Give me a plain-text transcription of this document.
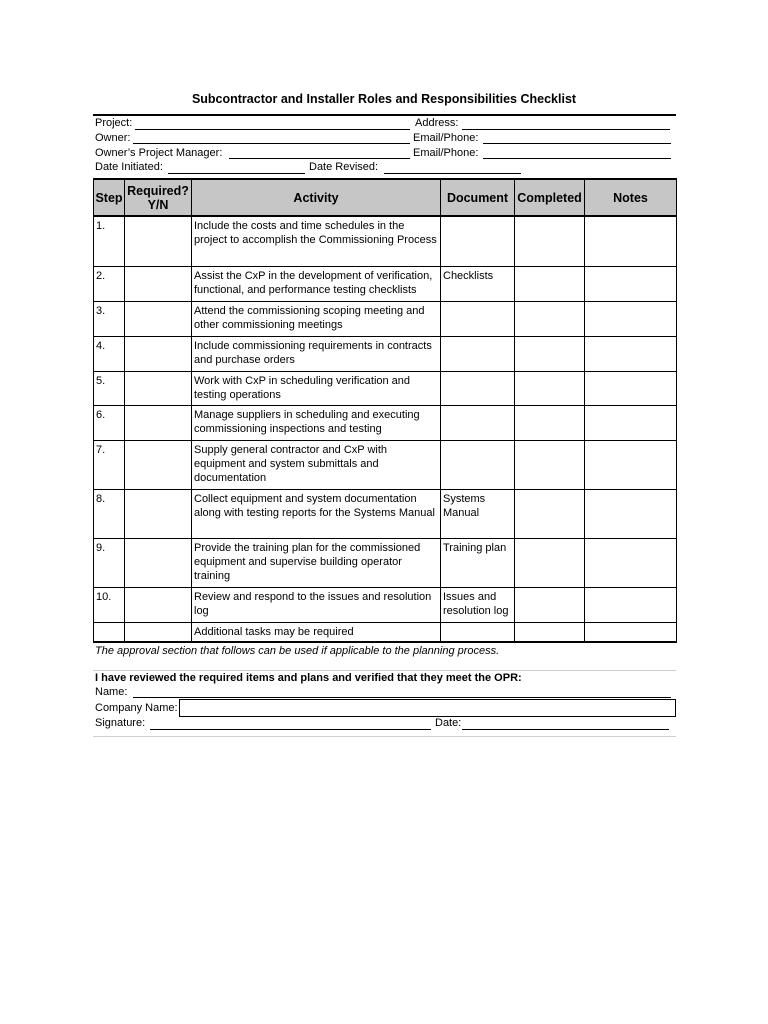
Subcontractor and Installer Roles and Responsibilities Checklist
Project:	Address:
Owner:	Email/Phone:
Owner’s Project Manager:	Email/Phone:
Date Initiated:	Date Revised:
Step	Required? Y/N	Activity	Document	Completed	Notes
1.		Include the costs and time schedules in the project to accomplish the Commissioning Process			
2.		Assist the CxP in the development of verification, functional, and performance testing checklists	Checklists		
3.		Attend the commissioning scoping meeting and other commissioning meetings			
4.		Include commissioning requirements in contracts and purchase orders			
5.		Work with CxP in scheduling verification and testing operations			
6.		Manage suppliers in scheduling and executing commissioning inspections and testing			
7.		Supply general contractor and CxP with equipment and system submittals and documentation			
8.		Collect equipment and system documentation along with testing reports for the Systems Manual	Systems Manual		
9.		Provide the training plan for the commissioned equipment and supervise building operator training	Training plan		
10.		Review and respond to the issues and resolution log	Issues and resolution log		
		Additional tasks may be required			
The approval section that follows can be used if applicable to the planning process.
I have reviewed the required items and plans and verified that they meet the OPR:
Name:
Company Name:
Signature:	Date:
